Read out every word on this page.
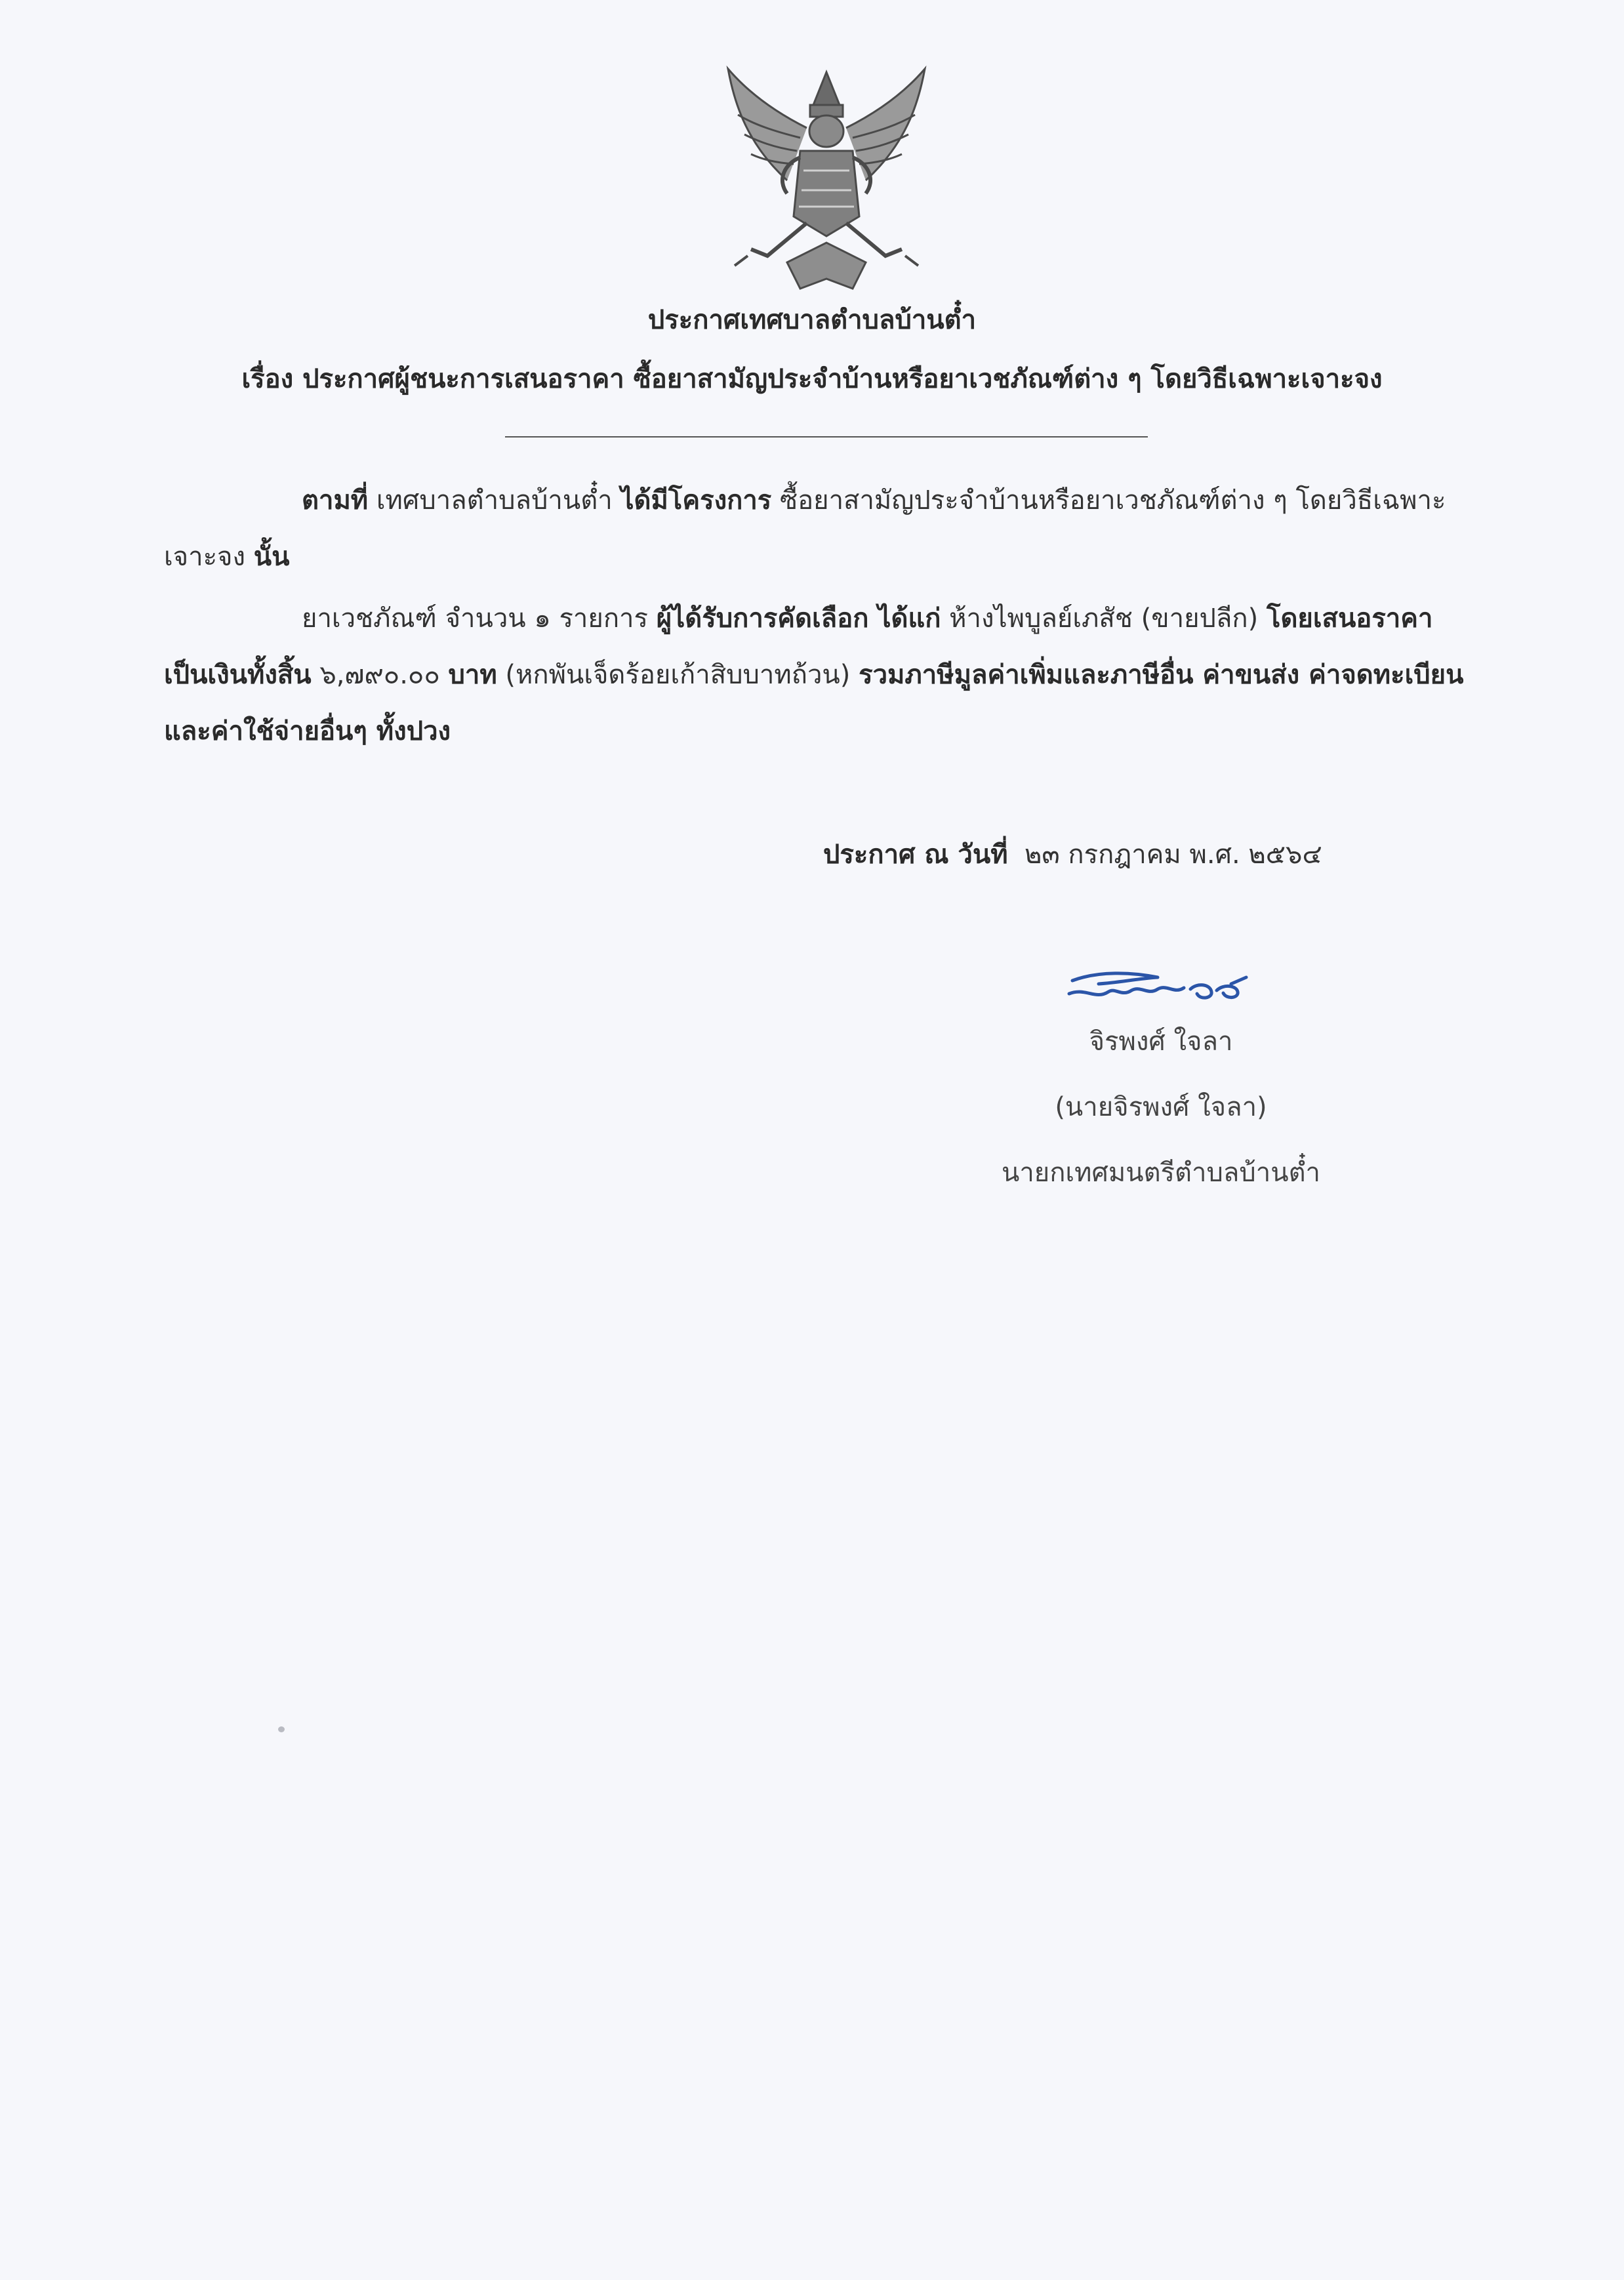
ประกาศเทศบาลตำบลบ้านต๋ำ
เรื่อง ประกาศผู้ชนะการเสนอราคา ซื้อยาสามัญประจำบ้านหรือยาเวชภัณฑ์ต่าง ๆ โดยวิธีเฉพาะเจาะจง
ตามที่ เทศบาลตำบลบ้านต๋ำ ได้มีโครงการ ซื้อยาสามัญประจำบ้านหรือยาเวชภัณฑ์ต่าง ๆ โดยวิธีเฉพาะเจาะจง นั้น
ยาเวชภัณฑ์ จำนวน ๑ รายการ ผู้ได้รับการคัดเลือก ได้แก่ ห้างไพบูลย์เภสัช (ขายปลีก) โดยเสนอราคา เป็นเงินทั้งสิ้น ๖,๗๙๐.๐๐ บาท (หกพันเจ็ดร้อยเก้าสิบบาทถ้วน) รวมภาษีมูลค่าเพิ่มและภาษีอื่น ค่าขนส่ง ค่าจดทะเบียน และค่าใช้จ่ายอื่นๆ ทั้งปวง
ประกาศ ณ วันที่ ๒๓ กรกฎาคม พ.ศ. ๒๕๖๔
จิรพงศ์ ใจลา
(นายจิรพงศ์ ใจลา)
นายกเทศมนตรีตำบลบ้านต๋ำ
